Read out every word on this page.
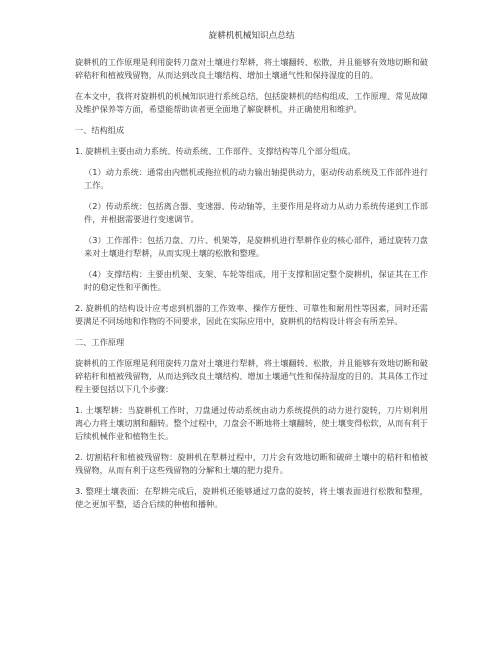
旋耕机机械知识点总结

旋耕机的工作原理是利用旋转刀盘对土壤进行犁耕，将土壤翻转、松散，并且能够有效地切断和破碎秸秆和植被残留物，从而达到改良土壤结构、增加土壤通气性和保持湿度的目的。

在本文中，我将对旋耕机的机械知识进行系统总结，包括旋耕机的结构组成、工作原理、常见故障及维护保养等方面，希望能帮助读者更全面地了解旋耕机，并正确使用和维护。

一、结构组成

1. 旋耕机主要由动力系统、传动系统、工作部件、支撑结构等几个部分组成。

（1）动力系统：通常由内燃机或拖拉机的动力输出轴提供动力，驱动传动系统及工作部件进行工作。

（2）传动系统：包括离合器、变速器、传动轴等，主要作用是将动力从动力系统传递到工作部件，并根据需要进行变速调节。

（3）工作部件：包括刀盘、刀片、机架等，是旋耕机进行犁耕作业的核心部件，通过旋转刀盘来对土壤进行犁耕，从而实现土壤的松散和整理。

（4）支撑结构：主要由机架、支架、车轮等组成，用于支撑和固定整个旋耕机，保证其在工作时的稳定性和平衡性。

2. 旋耕机的结构设计应考虑到机器的工作效率、操作方便性、可靠性和耐用性等因素，同时还需要满足不同场地和作物的不同要求，因此在实际应用中，旋耕机的结构设计将会有所差异。

二、工作原理

旋耕机的工作原理是利用旋转刀盘对土壤进行犁耕，将土壤翻转、松散，并且能够有效地切断和破碎秸秆和植被残留物，从而达到改良土壤结构、增加土壤通气性和保持湿度的目的。其具体工作过程主要包括以下几个步骤：

1. 土壤犁耕：当旋耕机工作时，刀盘通过传动系统由动力系统提供的动力进行旋转，刀片则利用离心力将土壤切割和翻转。整个过程中，刀盘会不断地将土壤翻转，使土壤变得松软，从而有利于后续机械作业和植物生长。

2. 切割秸秆和植被残留物：旋耕机在犁耕过程中，刀片会有效地切断和破碎土壤中的秸秆和植被残留物，从而有利于这些残留物的分解和土壤的肥力提升。

3. 整理土壤表面：在犁耕完成后，旋耕机还能够通过刀盘的旋转，将土壤表面进行松散和整理，使之更加平整，适合后续的种植和播种。
